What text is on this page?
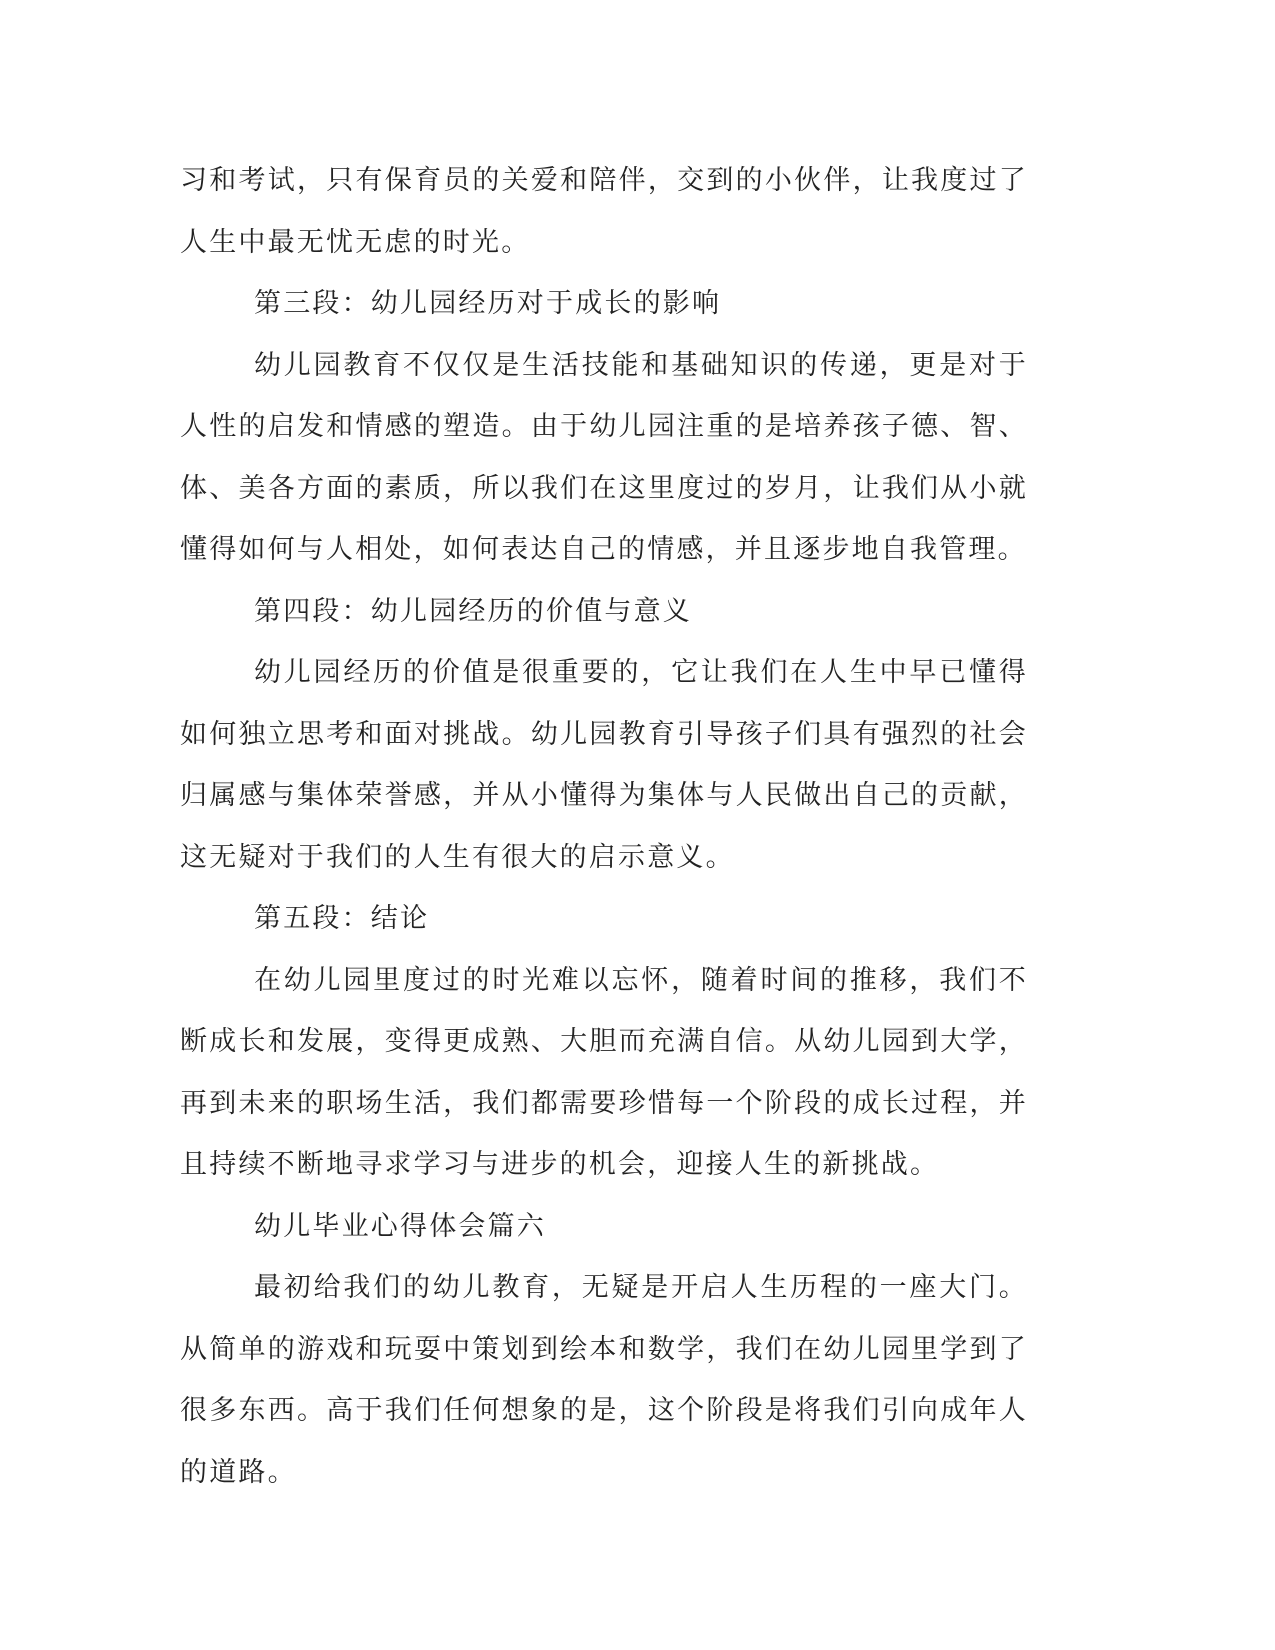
习和考试，只有保育员的关爱和陪伴，交到的小伙伴，让我度过了人生中最无忧无虑的时光。

第三段：幼儿园经历对于成长的影响

幼儿园教育不仅仅是生活技能和基础知识的传递，更是对于人性的启发和情感的塑造。由于幼儿园注重的是培养孩子德、智、体、美各方面的素质，所以我们在这里度过的岁月，让我们从小就懂得如何与人相处，如何表达自己的情感，并且逐步地自我管理。

第四段：幼儿园经历的价值与意义

幼儿园经历的价值是很重要的，它让我们在人生中早已懂得如何独立思考和面对挑战。幼儿园教育引导孩子们具有强烈的社会归属感与集体荣誉感，并从小懂得为集体与人民做出自己的贡献，这无疑对于我们的人生有很大的启示意义。

第五段：结论

在幼儿园里度过的时光难以忘怀，随着时间的推移，我们不断成长和发展，变得更成熟、大胆而充满自信。从幼儿园到大学，再到未来的职场生活，我们都需要珍惜每一个阶段的成长过程，并且持续不断地寻求学习与进步的机会，迎接人生的新挑战。

幼儿毕业心得体会篇六

最初给我们的幼儿教育，无疑是开启人生历程的一座大门。从简单的游戏和玩耍中策划到绘本和数学，我们在幼儿园里学到了很多东西。高于我们任何想象的是，这个阶段是将我们引向成年人的道路。
